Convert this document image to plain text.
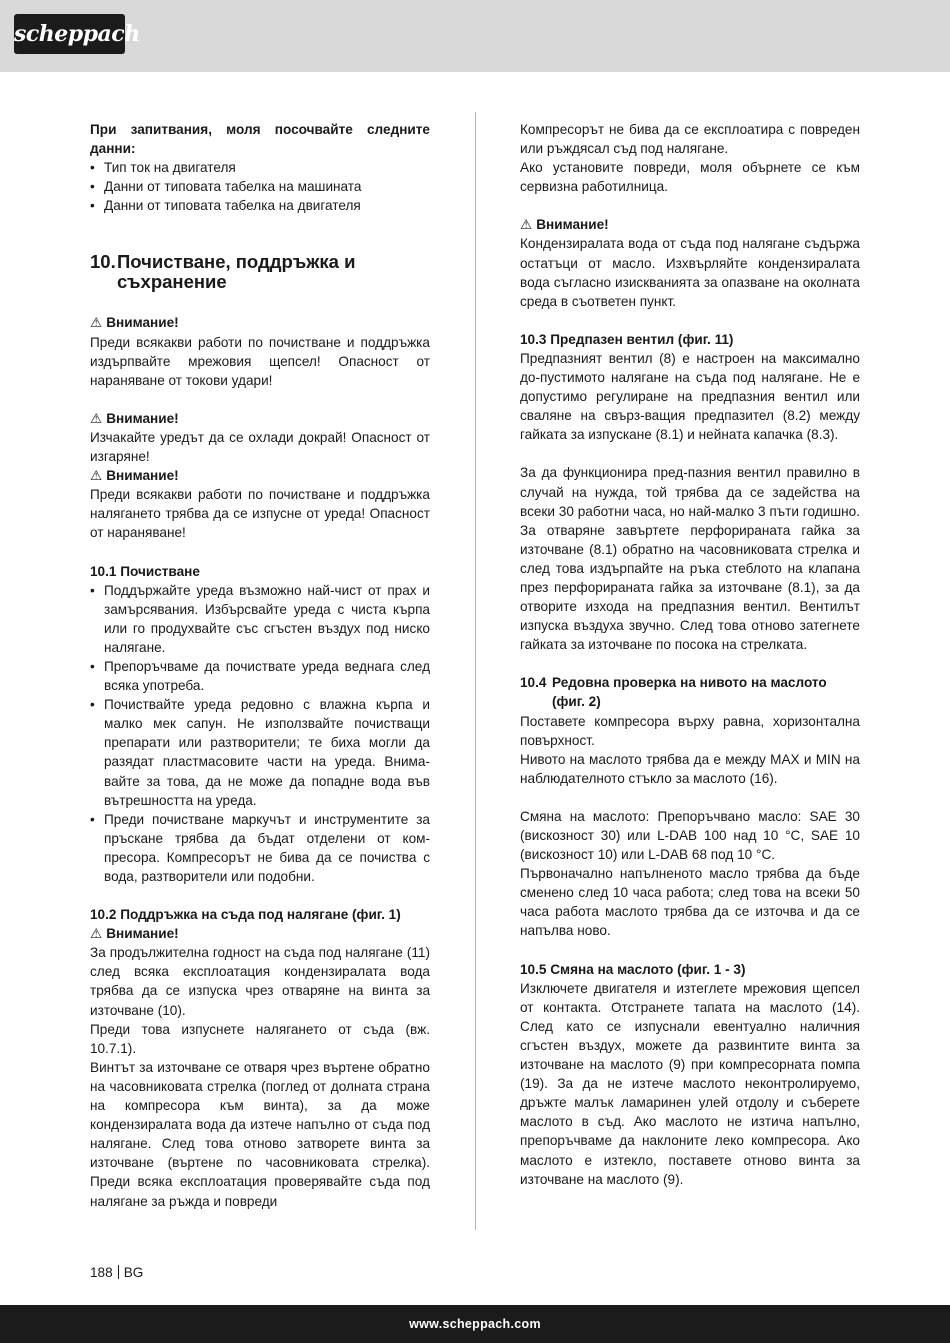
scheppach

При запитвания, моля посочвайте следните данни:

• Тип ток на двигателя
• Данни от типовата табелка на машината
• Данни от типовата табелка на двигателя
10. Почистване, поддръжка и съхранение

⚠ Внимание!

Преди всякакви работи по почистване и поддръжка издърпвайте мрежовия щепсел! Опасност от нараняване от токови удари!

⚠ Внимание!

Изчакайте уредът да се охлади докрай! Опасност от изгаряне!

⚠ Внимание!

Преди всякакви работи по почистване и поддръжка налягането трябва да се изпусне от уреда! Опасност от нараняване!

10.1 Почистване

• Поддържайте уреда възможно най-чист от прах и замърсявания. Избърсвайте уреда с чиста кърпа или го продухвайте със сгъстен въздух под ниско налягане.
• Препоръчваме да почиствате уреда веднага след всяка употреба.
• Почиствайте уреда редовно с влажна кърпа и малко мек сапун. Не използвайте почистващи препарати или разтворители; те биха могли да разядат пластмасовите части на уреда. Внимавайте за това, да не може да попадне вода във вътрешността на уреда.
• Преди почистване маркучът и инструментите за пръскане трябва да бъдат отделени от компресора. Компресорът не бива да се почиства с вода, разтворители или подобни.

10.2 Поддръжка на съда под налягане (фиг. 1)

⚠ Внимание!

За продължителна годност на съда под налягане (11) след всяка експлоатация кондензиралата вода трябва да се изпуска чрез отваряне на винта за източване (10).

Преди това изпуснете налягането от съда (вж. 10.7.1).

Винтът за източване се отваря чрез въртене обратно на часовниковата стрелка (поглед от долната страна на компресора към винта), за да може кондензиралата вода да изтече напълно от съда под налягане. След това отново затворете винта за източване (въртене по часовниковата стрелка). Преди всяка експлоатация проверявайте съда под налягане за ръжда и повреди

Компресорът не бива да се експлоатира с повреден или ръждясал съд под налягане.

Ако установите повреди, моля обърнете се към сервизна работилница.

⚠ Внимание!

Кондензиралата вода от съда под налягане съдържа остатъци от масло. Изхвърляйте кондензиралата вода съгласно изискванията за опазване на околната среда в съответен пункт.

10.3 Предпазен вентил (фиг. 11)

Предпазният вентил (8) е настроен на максимално до-пустимото налягане на съда под налягане. Не е допустимо регулиране на предпазния вентил или сваляне на свърз-ващия предпазител (8.2) между гайката за изпускане (8.1) и нейната капачка (8.3).

За да функционира пред-пазния вентил правилно в случай на нужда, той трябва да се задейства на всеки 30 работни часа, но най-малко 3 пъти годишно. За отваряне завъртете перфорираната гайка за източване (8.1) обратно на часовниковата стрелка и след това издърпайте на ръка стеблото на клапана през перфорираната гайка за източване (8.1), за да отворите изхода на предпазния вентил. Вентилът изпуска въздуха звучно. След това отново затегнете гайката за източване по посока на стрелката.

10.4 Редовна проверка на нивото на маслото (фиг. 2)

Поставете компресора върху равна, хоризонтална повърхност.

Нивото на маслото трябва да е между MAX и MIN на наблюдателното стъкло за маслото (16).

Смяна на маслото: Препоръчвано масло: SAE 30 (вискозност 30) или L-DAB 100 над 10 °C, SAE 10 (вискозност 10) или L-DAB 68 под 10 °C.

Първоначално напълненото масло трябва да бъде сменено след 10 часа работа; след това на всеки 50 часа работа маслото трябва да се източва и да се напълва ново.

10.5 Смяна на маслото (фиг. 1 - 3)

Изключете двигателя и изтеглете мрежовия щепсел от контакта. Отстранете тапата на маслото (14). След като се изпуснали евентуално наличния сгъстен въздух, можете да развинтите винта за източване на маслото (9) при компресорната помпа (19). За да не изтече маслото неконтролируемо, дръжте малък ламаринен улей отдолу и съберете маслото в съд. Ако маслото не изтича напълно, препоръчваме да наклоните леко компресора. Ако маслото е изтекло, поставете отново винта за източване на маслото (9).

188 BG
www.scheppach.com
